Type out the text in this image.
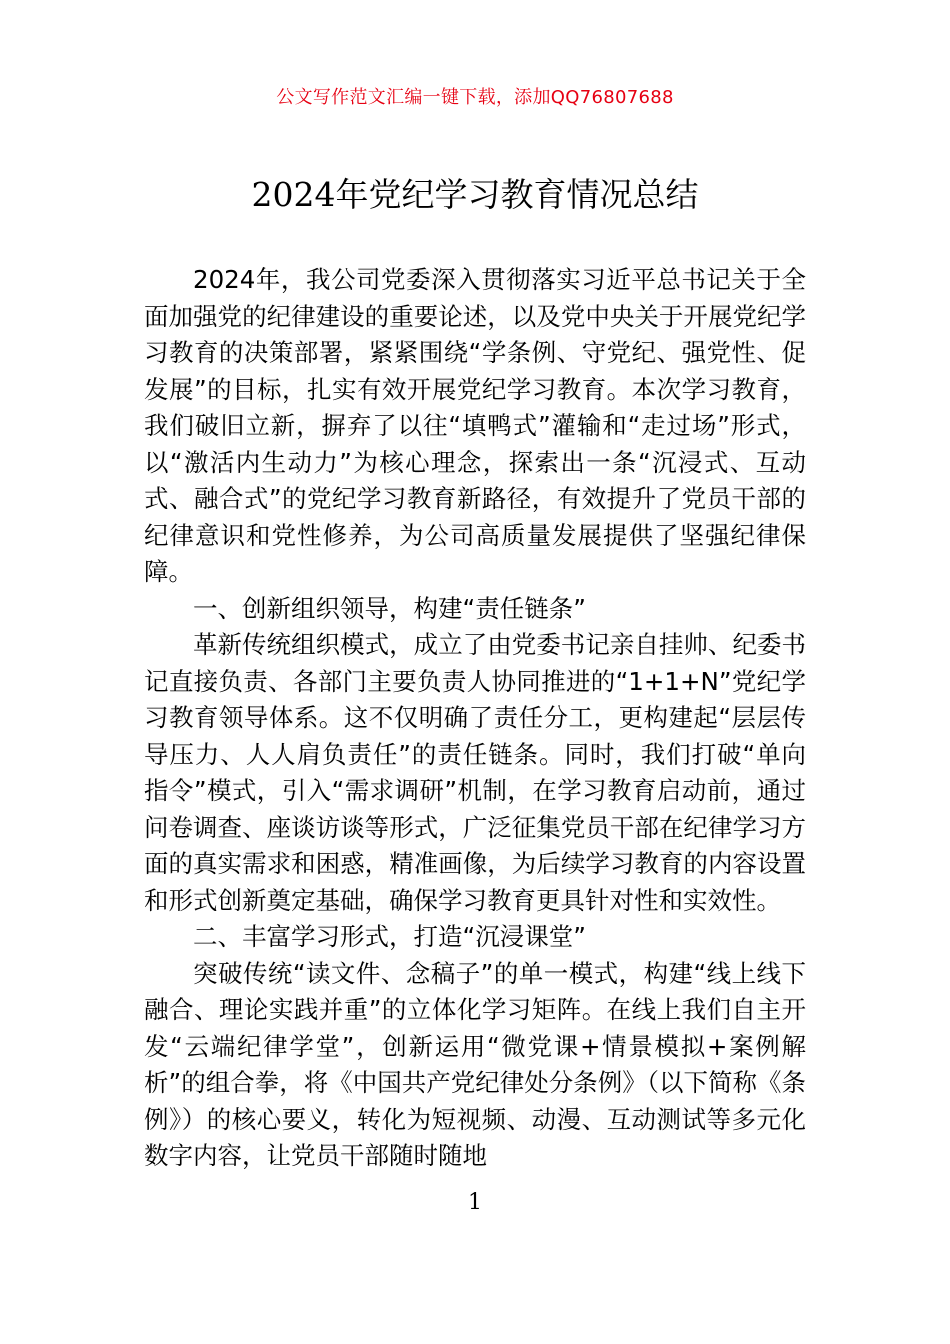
公文写作范文汇编一键下载，添加QQ76807688
2024年党纪学习教育情况总结

2024年，我公司党委深入贯彻落实习近平总书记关于全面加强党的纪律建设的重要论述，以及党中央关于开展党纪学习教育的决策部署，紧紧围绕“学条例、守党纪、强党性、促发展”的目标，扎实有效开展党纪学习教育。本次学习教育，我们破旧立新，摒弃了以往“填鸭式”灌输和“走过场”形式，以“激活内生动力”为核心理念，探索出一条“沉浸式、互动式、融合式”的党纪学习教育新路径，有效提升了党员干部的纪律意识和党性修养，为公司高质量发展提供了坚强纪律保障。

一、创新组织领导，构建“责任链条”

革新传统组织模式，成立了由党委书记亲自挂帅、纪委书记直接负责、各部门主要负责人协同推进的“1+1+N”党纪学习教育领导体系。这不仅明确了责任分工，更构建起“层层传导压力、人人肩负责任”的责任链条。同时，我们打破“单向指令”模式，引入“需求调研”机制，在学习教育启动前，通过问卷调查、座谈访谈等形式，广泛征集党员干部在纪律学习方面的真实需求和困惑，精准画像，为后续学习教育的内容设置和形式创新奠定基础，确保学习教育更具针对性和实效性。

二、丰富学习形式，打造“沉浸课堂”

突破传统“读文件、念稿子”的单一模式，构建“线上线下融合、理论实践并重”的立体化学习矩阵。在线上我们自主开发“云端纪律学堂”，创新运用“微党课+情景模拟+案例解析”的组合拳，将《中国共产党纪律处分条例》（以下简称《条例》）的核心要义，转化为短视频、动漫、互动测试等多元化数字内容，让党员干部随时随地

1
